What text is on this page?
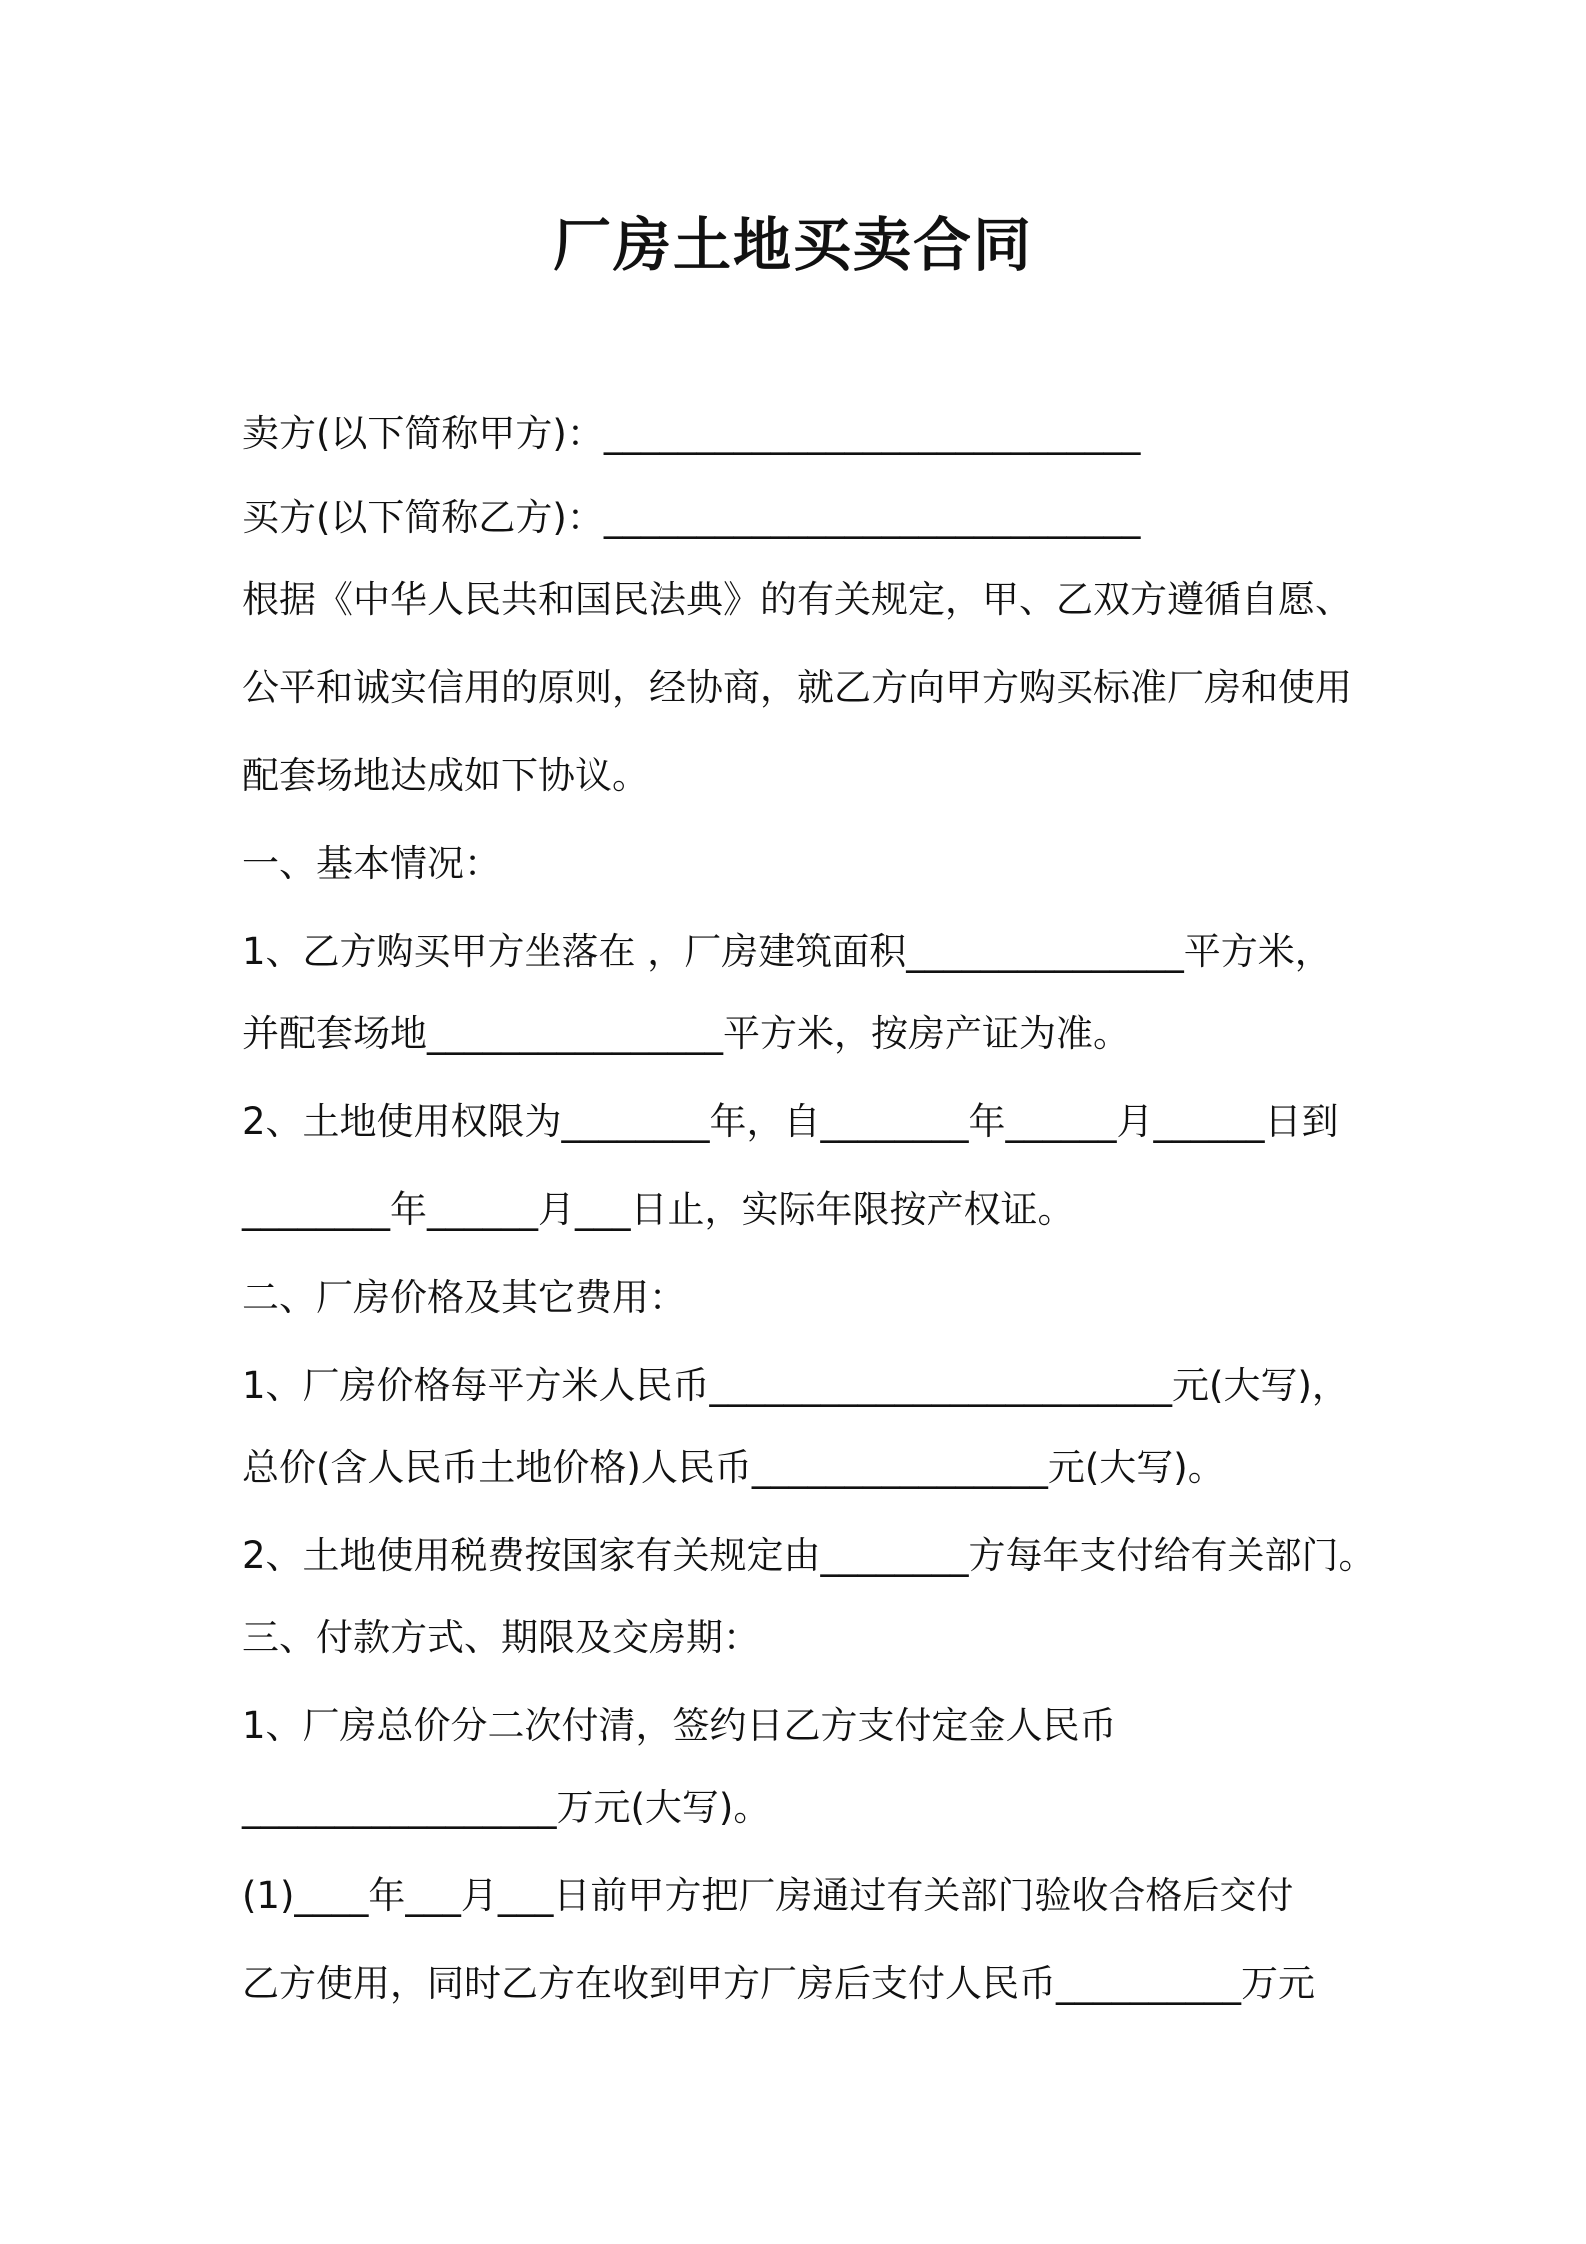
厂房土地买卖合同

卖方(以下简称甲方)：_____________________________

买方(以下简称乙方)：_____________________________

根据《中华人民共和国民法典》的有关规定，甲、乙双方遵循自愿、

公平和诚实信用的原则，经协商，就乙方向甲方购买标准厂房和使用

配套场地达成如下协议。

一、基本情况：

1、乙方购买甲方坐落在 ，厂房建筑面积_______________平方米，

并配套场地________________平方米，按房产证为准。

2、土地使用权限为________年，自________年______月______日到

________年______月___日止，实际年限按产权证。

二、厂房价格及其它费用：

1、厂房价格每平方米人民币_________________________元(大写)，

总价(含人民币土地价格)人民币________________元(大写)。

2、土地使用税费按国家有关规定由________方每年支付给有关部门。

三、付款方式、期限及交房期：

1、厂房总价分二次付清，签约日乙方支付定金人民币

_________________万元(大写)。

(1)____年___月___日前甲方把厂房通过有关部门验收合格后交付

乙方使用，同时乙方在收到甲方厂房后支付人民币__________万元
